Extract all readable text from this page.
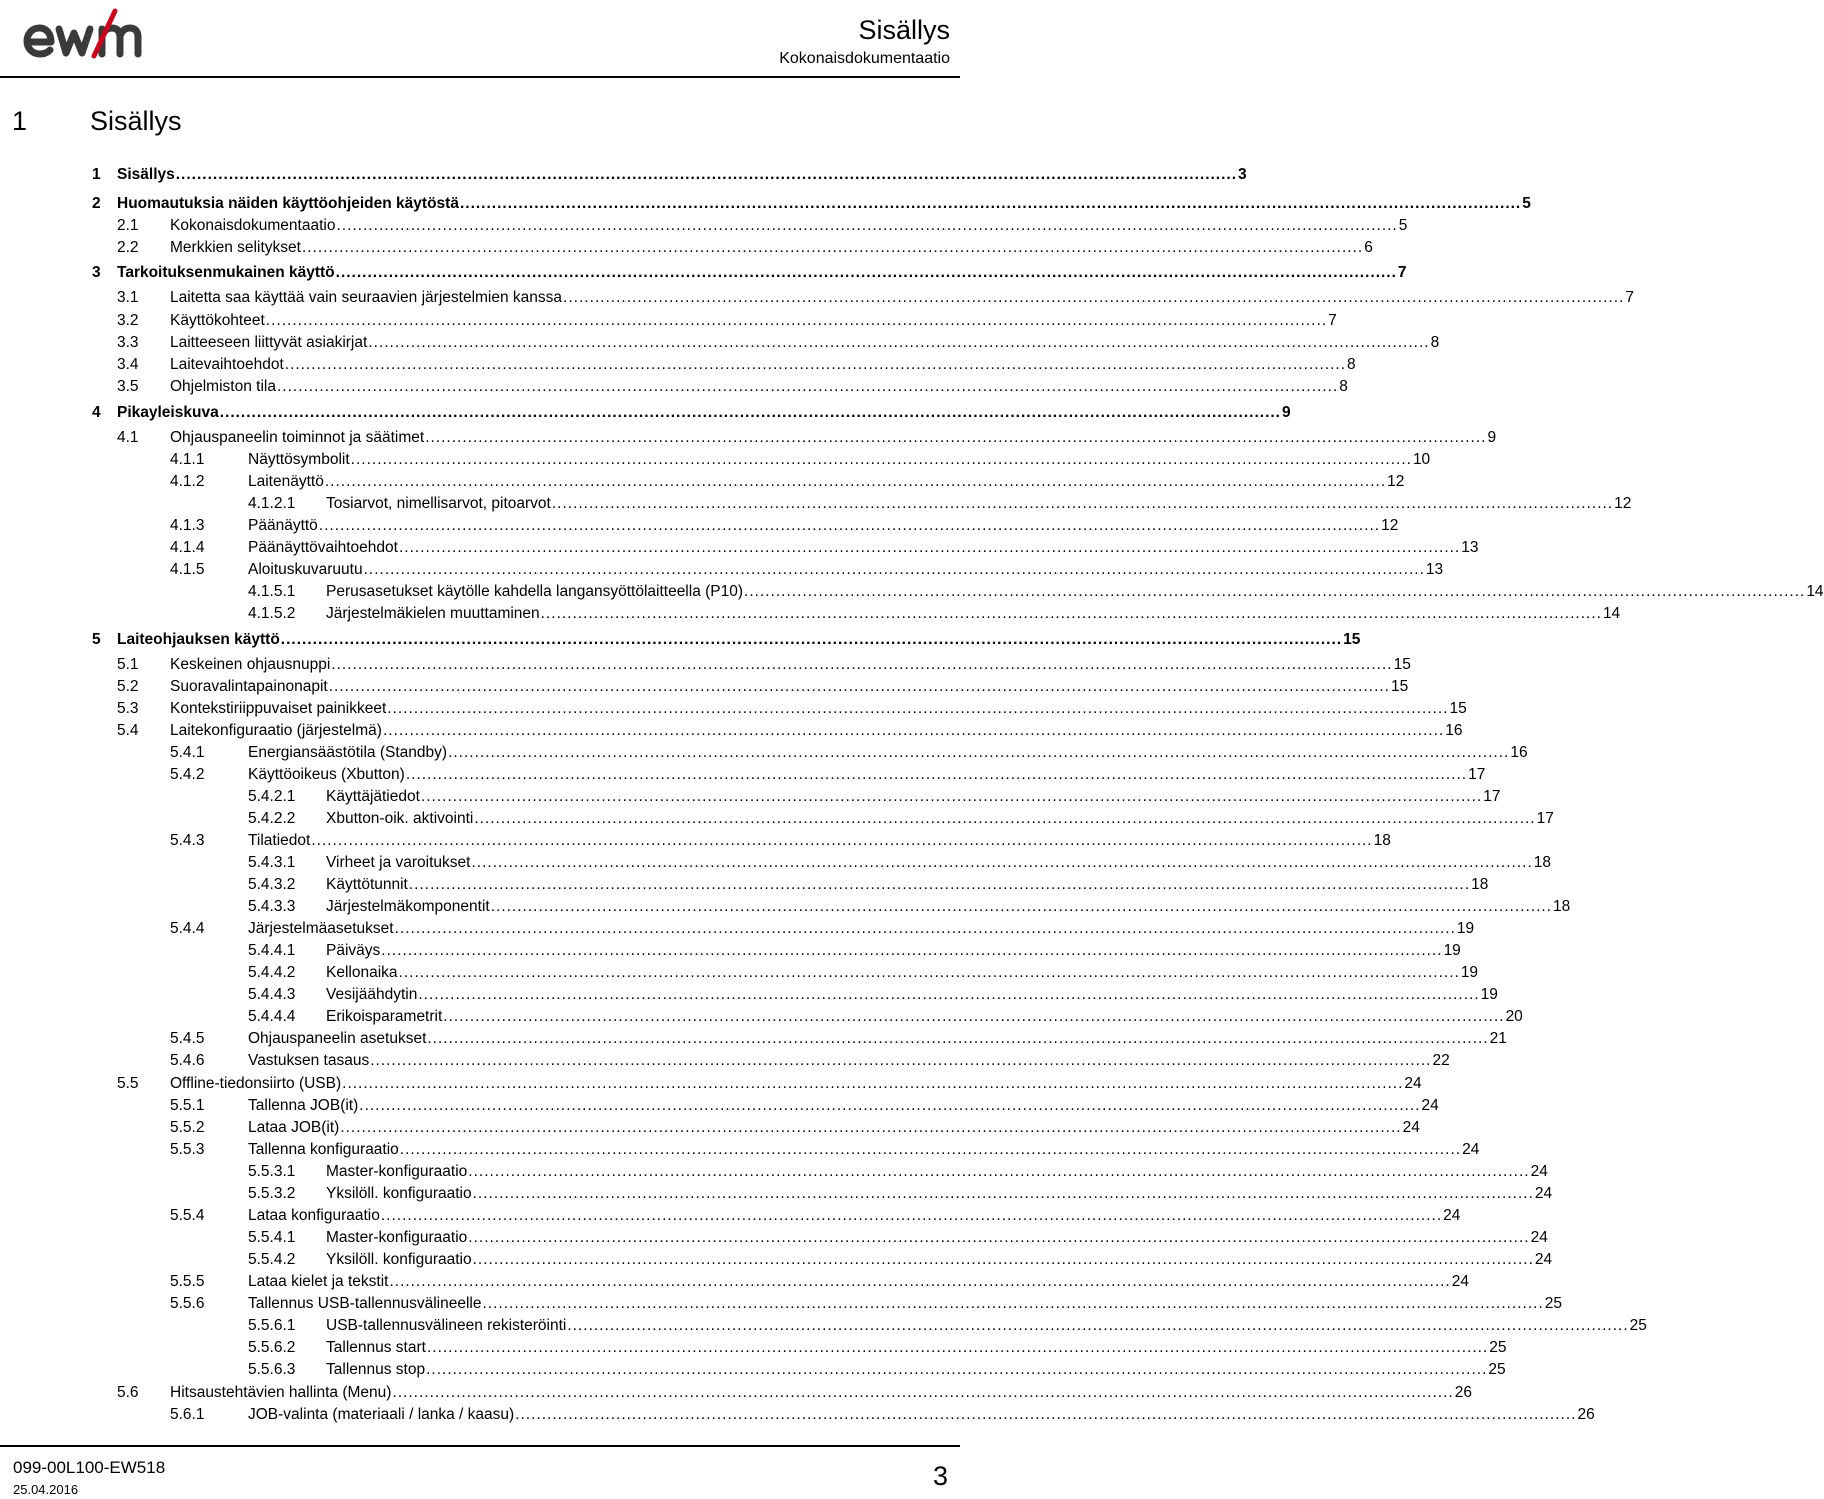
Sisällys
Kokonaisdokumentaatio
1 Sisällys
1 Sisällys ........................................................................................................................................................................................................ 3
2 Huomautuksia näiden käyttöohjeiden käytöstä ........................................................................................................................................................................................................ 5
2.1 Kokonaisdokumentaatio ........................................................................................................................................................................................................ 5
2.2 Merkkien selitykset ........................................................................................................................................................................................................ 6
3 Tarkoituksenmukainen käyttö ........................................................................................................................................................................................................ 7
3.1 Laitetta saa käyttää vain seuraavien järjestelmien kanssa ........................................................................................................................................................................................................ 7
3.2 Käyttökohteet ........................................................................................................................................................................................................ 7
3.3 Laitteeseen liittyvät asiakirjat ........................................................................................................................................................................................................ 8
3.4 Laitevaihtoehdot ........................................................................................................................................................................................................ 8
3.5 Ohjelmiston tila ........................................................................................................................................................................................................ 8
4 Pikayleiskuva ........................................................................................................................................................................................................ 9
4.1 Ohjauspaneelin toiminnot ja säätimet ........................................................................................................................................................................................................ 9
4.1.1	Näyttösymbolit ........................................................................................................................................................................................................ 10
4.1.2	Laitenäyttö ........................................................................................................................................................................................................ 12
4.1.2.1 Tosiarvot, nimellisarvot, pitoarvot ........................................................................................................................................................................................................ 12
4.1.3	Päänäyttö ........................................................................................................................................................................................................ 12
4.1.4	Päänäyttövaihtoehdot ........................................................................................................................................................................................................ 13
4.1.5	Aloituskuvaruutu ........................................................................................................................................................................................................ 13
4.1.5.1 Perusasetukset käytölle kahdella langansyöttölaitteella (P10) ........................................................................................................................................................................................................ 14
4.1.5.2 Järjestelmäkielen muuttaminen ........................................................................................................................................................................................................ 14
5 Laiteohjauksen käyttö ........................................................................................................................................................................................................ 15
5.1 Keskeinen ohjausnuppi ........................................................................................................................................................................................................ 15
5.2 Suoravalintapainonapit ........................................................................................................................................................................................................ 15
5.3 Kontekstiriippuvaiset painikkeet ........................................................................................................................................................................................................ 15
5.4 Laitekonfiguraatio (järjestelmä) ........................................................................................................................................................................................................ 16
5.4.1	Energiansäästötila (Standby) ........................................................................................................................................................................................................ 16
5.4.2	Käyttöoikeus (Xbutton) ........................................................................................................................................................................................................ 17
5.4.2.1 Käyttäjätiedot ........................................................................................................................................................................................................ 17
5.4.2.2 Xbutton-oik. aktivointi ........................................................................................................................................................................................................ 17
5.4.3	Tilatiedot ........................................................................................................................................................................................................ 18
5.4.3.1 Virheet ja varoitukset ........................................................................................................................................................................................................ 18
5.4.3.2 Käyttötunnit ........................................................................................................................................................................................................ 18
5.4.3.3 Järjestelmäkomponentit ........................................................................................................................................................................................................ 18
5.4.4	Järjestelmäasetukset ........................................................................................................................................................................................................ 19
5.4.4.1 Päiväys ........................................................................................................................................................................................................ 19
5.4.4.2 Kellonaika ........................................................................................................................................................................................................ 19
5.4.4.3 Vesijäähdytin ........................................................................................................................................................................................................ 19
5.4.4.4 Erikoisparametrit ........................................................................................................................................................................................................ 20
5.4.5	Ohjauspaneelin asetukset ........................................................................................................................................................................................................ 21
5.4.6	Vastuksen tasaus ........................................................................................................................................................................................................ 22
5.5 Offline-tiedonsiirto (USB) ........................................................................................................................................................................................................ 24
5.5.1	Tallenna JOB(it) ........................................................................................................................................................................................................ 24
5.5.2	Lataa JOB(it) ........................................................................................................................................................................................................ 24
5.5.3	Tallenna konfiguraatio ........................................................................................................................................................................................................ 24
5.5.3.1 Master-konfiguraatio ........................................................................................................................................................................................................ 24
5.5.3.2 Yksilöll. konfiguraatio ........................................................................................................................................................................................................ 24
5.5.4	Lataa konfiguraatio ........................................................................................................................................................................................................ 24
5.5.4.1 Master-konfiguraatio ........................................................................................................................................................................................................ 24
5.5.4.2 Yksilöll. konfiguraatio ........................................................................................................................................................................................................ 24
5.5.5	Lataa kielet ja tekstit ........................................................................................................................................................................................................ 24
5.5.6	Tallennus USB-tallennusvälineelle ........................................................................................................................................................................................................ 25
5.5.6.1 USB-tallennusvälineen rekisteröinti ........................................................................................................................................................................................................ 25
5.5.6.2 Tallennus start ........................................................................................................................................................................................................ 25
5.5.6.3 Tallennus stop ........................................................................................................................................................................................................ 25
5.6 Hitsaustehtävien hallinta (Menu) ........................................................................................................................................................................................................ 26
5.6.1	JOB-valinta (materiaali / lanka / kaasu) ........................................................................................................................................................................................................ 26
099-00L100-EW518
25.04.2016	3
